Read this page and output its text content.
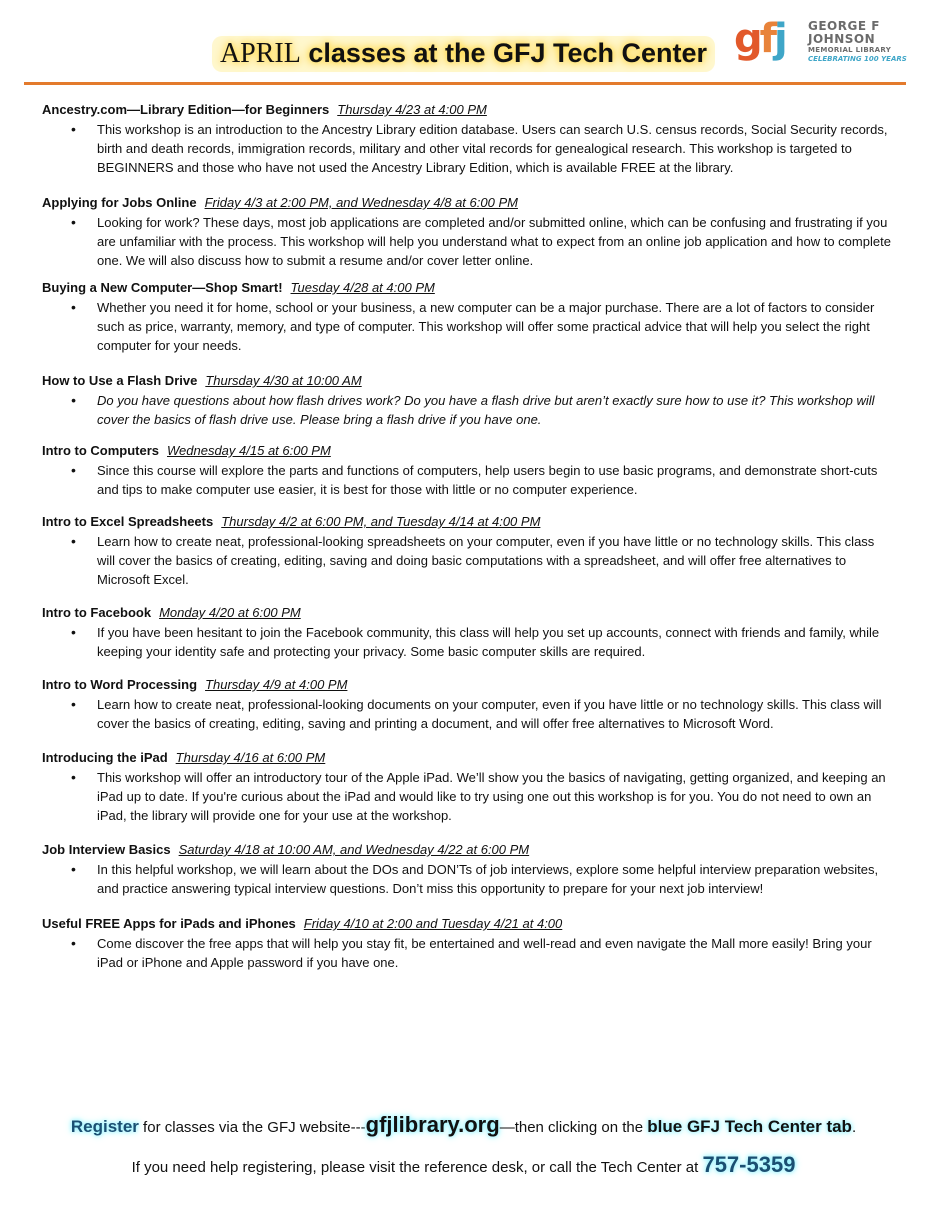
APRIL classes at the GFJ Tech Center gfj GEORGE F
JOHNSON
MEMORIAL LIBRARY
CELEBRATING 100 YEARS
Ancestry.com—Library Edition—for Beginners Thursday 4/23 at 4:00 PM
• This workshop is an introduction to the Ancestry Library edition database. Users can search U.S. census records, Social Security records, birth and death records, immigration records, military and other vital records for genealogical research. This workshop is targeted to BEGINNERS and those who have not used the Ancestry Library Edition, which is available FREE at the library.
Applying for Jobs Online Friday 4/3 at 2:00 PM, and Wednesday 4/8 at 6:00 PM
• Looking for work? These days, most job applications are completed and/or submitted online, which can be confusing and frustrating if you are unfamiliar with the process. This workshop will help you understand what to expect from an online job application and how to complete one. We will also discuss how to submit a resume and/or cover letter online.
Buying a New Computer—Shop Smart! Tuesday 4/28 at 4:00 PM
• Whether you need it for home, school or your business, a new computer can be a major purchase. There are a lot of factors to consider such as price, warranty, memory, and type of computer. This workshop will offer some practical advice that will help you select the right computer for your needs.
How to Use a Flash Drive Thursday 4/30 at 10:00 AM
• Do you have questions about how flash drives work? Do you have a flash drive but aren’t exactly sure how to use it? This workshop will cover the basics of flash drive use. Please bring a flash drive if you have one.
Intro to Computers Wednesday 4/15 at 6:00 PM
• Since this course will explore the parts and functions of computers, help users begin to use basic programs, and demonstrate short-cuts and tips to make computer use easier, it is best for those with little or no computer experience.
Intro to Excel Spreadsheets Thursday 4/2 at 6:00 PM, and Tuesday 4/14 at 4:00 PM
• Learn how to create neat, professional-looking spreadsheets on your computer, even if you have little or no technology skills. This class will cover the basics of creating, editing, saving and doing basic computations with a spreadsheet, and will offer free alternatives to Microsoft Excel.
Intro to Facebook Monday 4/20 at 6:00 PM
• If you have been hesitant to join the Facebook community, this class will help you set up accounts, connect with friends and family, while keeping your identity safe and protecting your privacy. Some basic computer skills are required.
Intro to Word Processing Thursday 4/9 at 4:00 PM
• Learn how to create neat, professional-looking documents on your computer, even if you have little or no technology skills. This class will cover the basics of creating, editing, saving and printing a document, and will offer free alternatives to Microsoft Word.
Introducing the iPad Thursday 4/16 at 6:00 PM
• This workshop will offer an introductory tour of the Apple iPad. We’ll show you the basics of navigating, getting organized, and keeping an iPad up to date. If you're curious about the iPad and would like to try using one out this workshop is for you. You do not need to own an iPad, the library will provide one for your use at the workshop.
Job Interview Basics Saturday 4/18 at 10:00 AM, and Wednesday 4/22 at 6:00 PM
• In this helpful workshop, we will learn about the DOs and DON’Ts of job interviews, explore some helpful interview preparation websites, and practice answering typical interview questions. Don’t miss this opportunity to prepare for your next job interview!
Useful FREE Apps for iPads and iPhones Friday 4/10 at 2:00 and Tuesday 4/21 at 4:00
• Come discover the free apps that will help you stay fit, be entertained and well-read and even navigate the Mall more easily! Bring your iPad or iPhone and Apple password if you have one.
Register for classes via the GFJ website---gfjlibrary.org—then clicking on the blue GFJ Tech Center tab.
If you need help registering, please visit the reference desk, or call the Tech Center at 757-5359
